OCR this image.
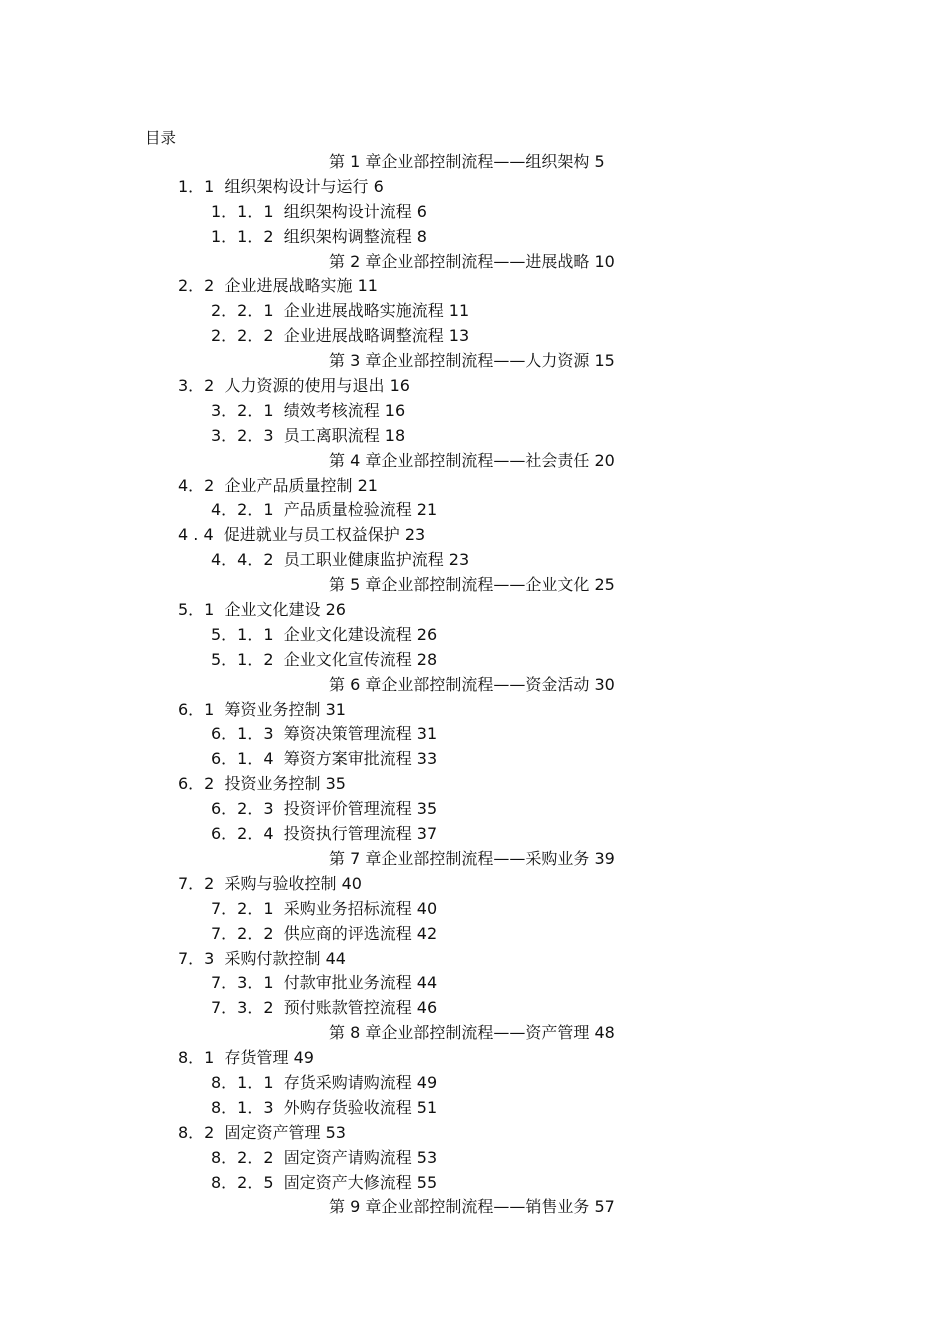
目录
第 1 章企业部控制流程——组织架构 5
1．1  组织架构设计与运行 6
1．1．1  组织架构设计流程 6
1．1．2  组织架构调整流程 8
第 2 章企业部控制流程——进展战略 10
2．2  企业进展战略实施 11
2．2．1  企业进展战略实施流程 11
2．2．2  企业进展战略调整流程 13
第 3 章企业部控制流程——人力资源 15
3．2  人力资源的使用与退出 16
3．2．1  绩效考核流程 16
3．2．3  员工离职流程 18
第 4 章企业部控制流程——社会责任 20
4．2  企业产品质量控制 21
4．2．1  产品质量检验流程 21
4 . 4  促进就业与员工权益保护 23
4．4．2  员工职业健康监护流程 23
第 5 章企业部控制流程——企业文化 25
5．1  企业文化建设 26
5．1．1  企业文化建设流程 26
5．1．2  企业文化宣传流程 28
第 6 章企业部控制流程——资金活动 30
6．1  筹资业务控制 31
6．1．3  筹资决策管理流程 31
6．1．4  筹资方案审批流程 33
6．2  投资业务控制 35
6．2．3  投资评价管理流程 35
6．2．4  投资执行管理流程 37
第 7 章企业部控制流程——采购业务 39
7．2  采购与验收控制 40
7．2．1  采购业务招标流程 40
7．2．2  供应商的评选流程 42
7．3  采购付款控制 44
7．3．1  付款审批业务流程 44
7．3．2  预付账款管控流程 46
第 8 章企业部控制流程——资产管理 48
8．1  存货管理 49
8．1．1  存货采购请购流程 49
8．1．3  外购存货验收流程 51
8．2  固定资产管理 53
8．2．2  固定资产请购流程 53
8．2．5  固定资产大修流程 55
第 9 章企业部控制流程——销售业务 57
